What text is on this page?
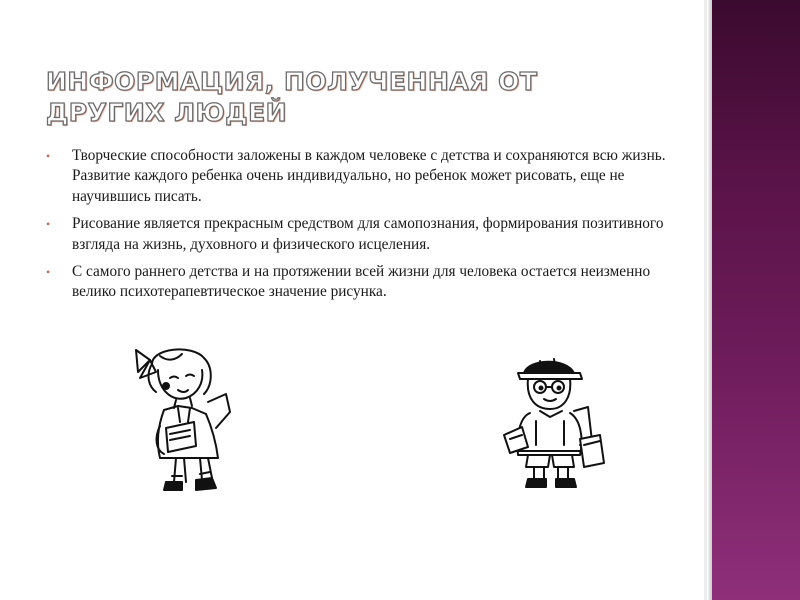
ИНФОРМАЦИЯ, ПОЛУЧЕННАЯ ОТ ДРУГИХ ЛЮДЕЙ
• Творческие способности заложены в каждом человеке с детства и сохраняются всю жизнь. Развитие каждого ребенка очень индивидуально, но ребенок может рисовать, еще не научившись писать.
• Рисование является прекрасным средством для самопознания, формирования позитивного взгляда на жизнь, духовного и физического исцеления.
• С самого раннего детства и на протяжении всей жизни для человека остается неизменно велико психотерапевтическое значение рисунка.
